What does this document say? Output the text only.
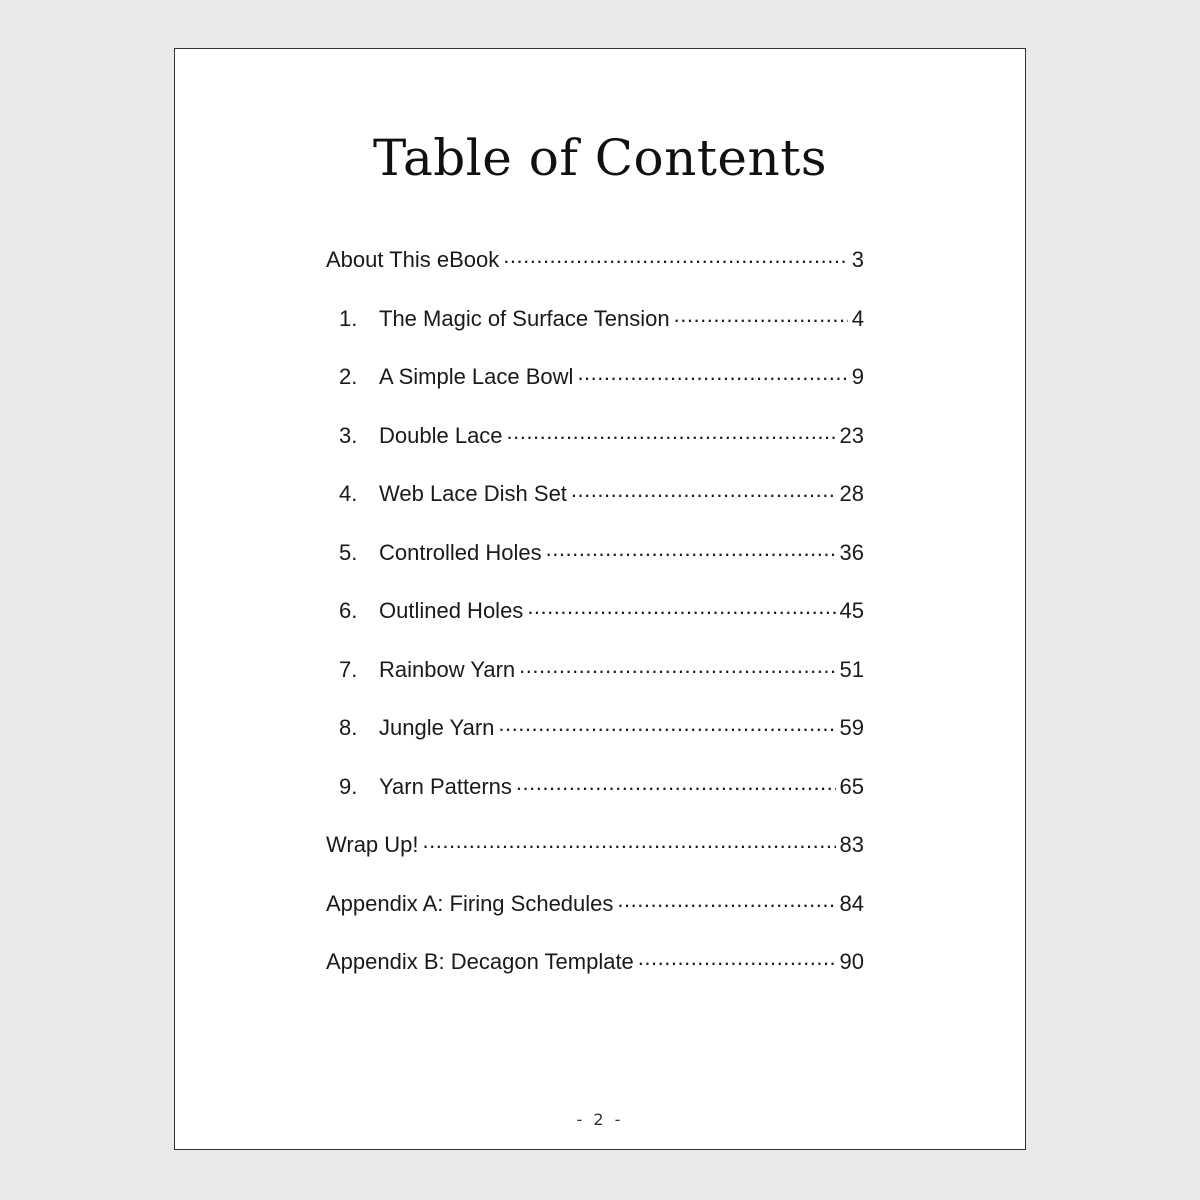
Table of Contents
About This eBook .....	3
1. The Magic of Surface Tension .....	4
2. A Simple Lace Bowl .....	9
3. Double Lace .....	23
4. Web Lace Dish Set .....	28
5. Controlled Holes .....	36
6. Outlined Holes .....	45
7. Rainbow Yarn .....	51
8. Jungle Yarn .....	59
9. Yarn Patterns .....	65
Wrap Up! .....	83
Appendix A: Firing Schedules .....	84
Appendix B: Decagon Template .....	90
- 2 -
